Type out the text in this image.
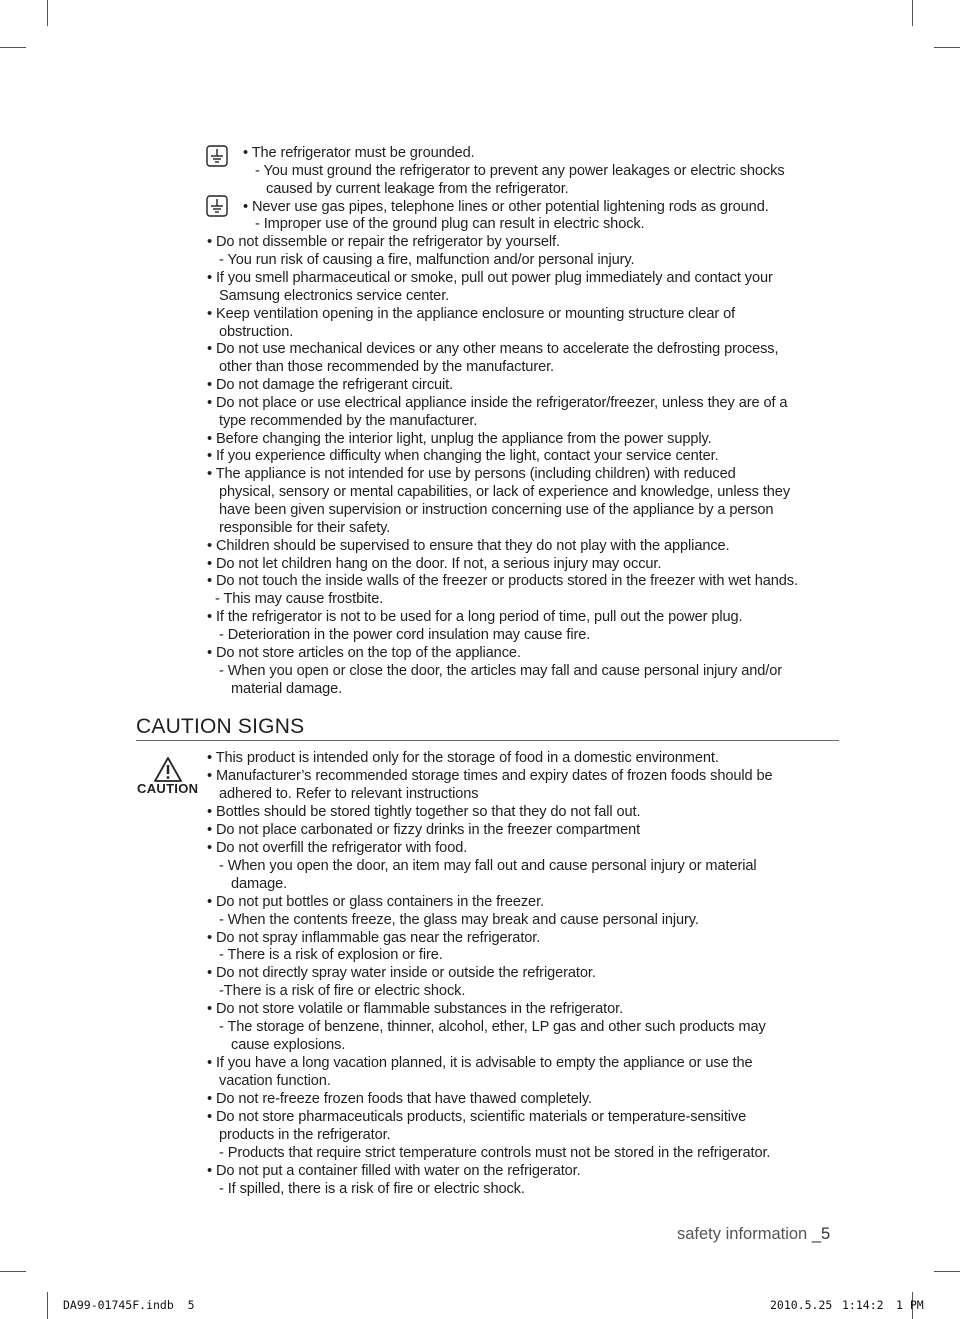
• The refrigerator must be grounded.
- You must ground the refrigerator to prevent any power leakages or electric shocks
caused by current leakage from the refrigerator.
• Never use gas pipes, telephone lines or other potential lightening rods as ground.
- Improper use of the ground plug can result in electric shock.
• Do not dissemble or repair the refrigerator by yourself.
- You run risk of causing a fire, malfunction and/or personal injury.
• If you smell pharmaceutical or smoke, pull out power plug immediately and contact your
Samsung electronics service center.
• Keep ventilation opening in the appliance enclosure or mounting structure clear of
obstruction.
• Do not use mechanical devices or any other means to accelerate the defrosting process,
other than those recommended by the manufacturer.
• Do not damage the refrigerant circuit.
• Do not place or use electrical appliance inside the refrigerator/freezer, unless they are of a
type recommended by the manufacturer.
• Before changing the interior light, unplug the appliance from the power supply.
• If you experience difficulty when changing the light, contact your service center.
• The appliance is not intended for use by persons (including children) with reduced
physical, sensory or mental capabilities, or lack of experience and knowledge, unless they
have been given supervision or instruction concerning use of the appliance by a person
responsible for their safety.
• Children should be supervised to ensure that they do not play with the appliance.
• Do not let children hang on the door. If not, a serious injury may occur.
• Do not touch the inside walls of the freezer or products stored in the freezer with wet hands.
- This may cause frostbite.
• If the refrigerator is not to be used for a long period of time, pull out the power plug.
- Deterioration in the power cord insulation may cause fire.
• Do not store articles on the top of the appliance.
- When you open or close the door, the articles may fall and cause personal injury and/or
material damage.
CAUTION SIGNS
CAUTION
• This product is intended only for the storage of food in a domestic environment.
• Manufacturer’s recommended storage times and expiry dates of frozen foods should be
adhered to. Refer to relevant instructions
• Bottles should be stored tightly together so that they do not fall out.
• Do not place carbonated or fizzy drinks in the freezer compartment
• Do not overfill the refrigerator with food.
- When you open the door, an item may fall out and cause personal injury or material
damage.
• Do not put bottles or glass containers in the freezer.
- When the contents freeze, the glass may break and cause personal injury.
• Do not spray inflammable gas near the refrigerator.
- There is a risk of explosion or fire.
• Do not directly spray water inside or outside the refrigerator.
-There is a risk of fire or electric shock.
• Do not store volatile or flammable substances in the refrigerator.
- The storage of benzene, thinner, alcohol, ether, LP gas and other such products may
cause explosions.
• If you have a long vacation planned, it is advisable to empty the appliance or use the
vacation function.
• Do not re-freeze frozen foods that have thawed completely.
• Do not store pharmaceuticals products, scientific materials or temperature-sensitive
products in the refrigerator.
- Products that require strict temperature controls must not be stored in the refrigerator.
• Do not put a container filled with water on the refrigerator.
- If spilled, there is a risk of fire or electric shock.
safety information _5
DA99-01745F.indb 5	2010.5.25 1:14:2 1 PM
